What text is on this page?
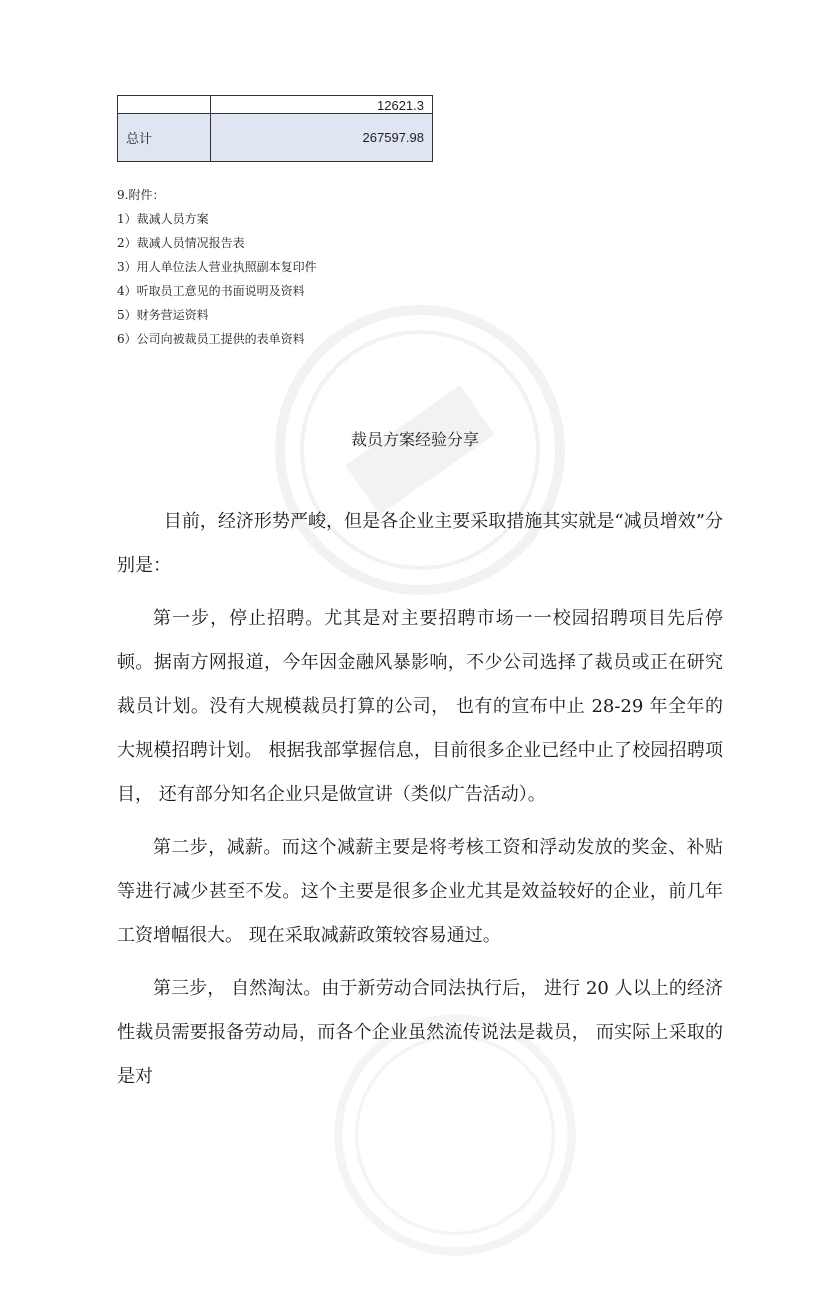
	12621.3
总计	267597.98
9.附件：
1）裁减人员方案
2）裁减人员情况报告表
3）用人单位法人营业执照副本复印件
4）听取员工意见的书面说明及资料
5）财务营运资料
6）公司向被裁员工提供的表单资料
裁员方案经验分享

目前，经济形势严峻，但是各企业主要采取措施其实就是“减员增效”分别是：

第一步，停止招聘。尤其是对主要招聘市场一一校园招聘项目先后停顿。据南方网报道，今年因金融风暴影响，不少公司选择了裁员或正在研究裁员计划。没有大规模裁员打算的公司， 也有的宣布中止 28-29 年全年的大规模招聘计划。 根据我部掌握信息，目前很多企业已经中止了校园招聘项目， 还有部分知名企业只是做宣讲（类似广告活动）。

第二步，减薪。而这个减薪主要是将考核工资和浮动发放的奖金、补贴等进行减少甚至不发。这个主要是很多企业尤其是效益较好的企业，前几年工资增幅很大。 现在采取减薪政策较容易通过。

第三步， 自然淘汰。由于新劳动合同法执行后， 进行 20 人以上的经济性裁员需要报备劳动局，而各个企业虽然流传说法是裁员， 而实际上采取的是对
